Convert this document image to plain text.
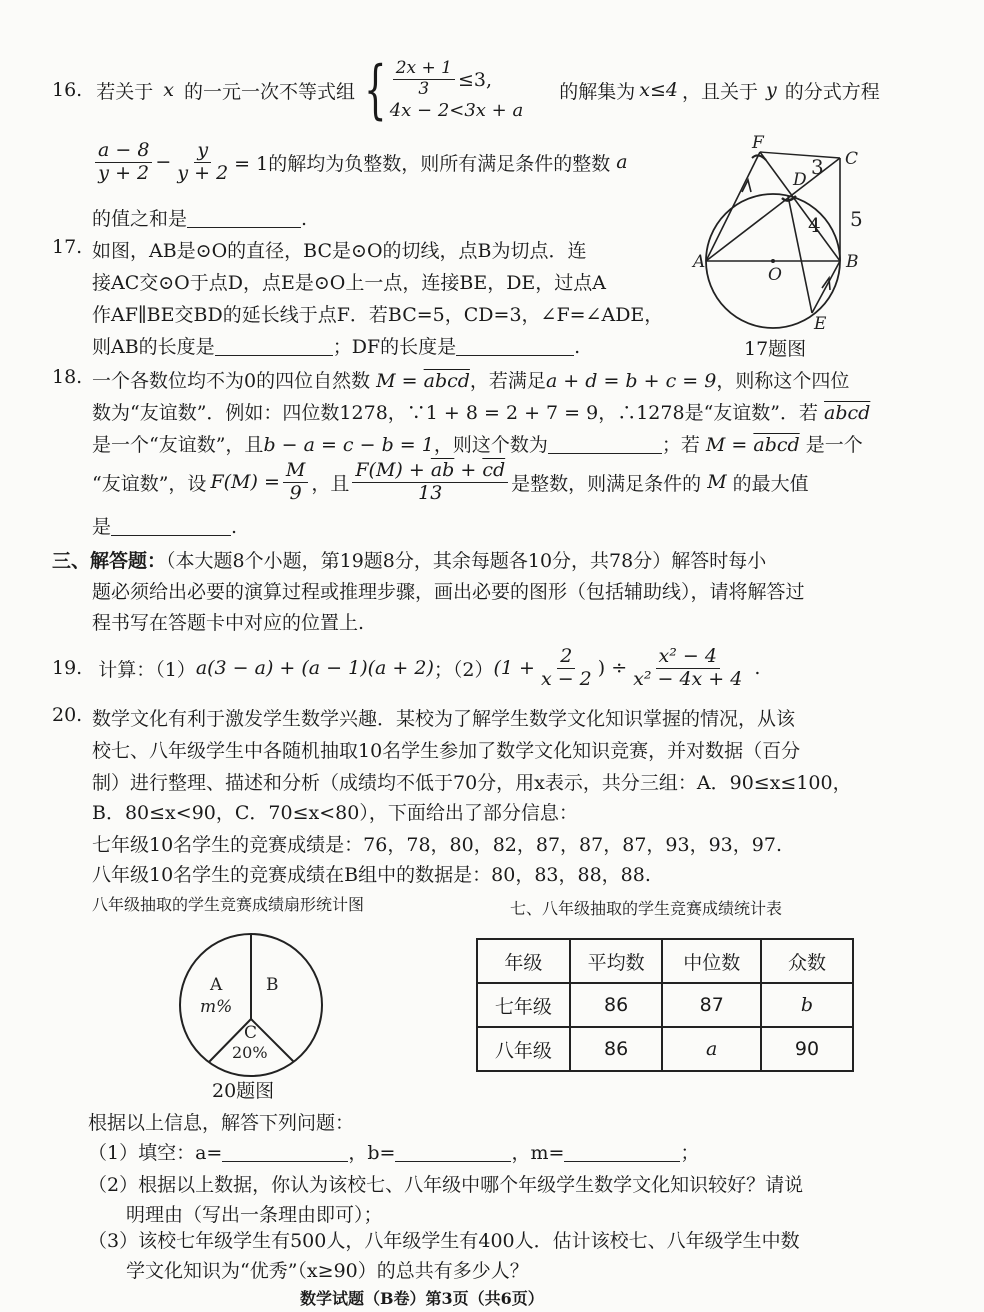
16. 若关于 x 的一元一次不等式组 { $\frac{2x + 1}{3} \le 3$,
4x − 2<3x + a
的解集为 x≤4 ，且关于 y 的分式方程
$\frac{a - 8}{y + 2} - \frac{y}{y + 2} = 1$的解均为负整数，则所有满足条件的整数 a
的值之和是	.
17. 如图，AB是⊙O的直径，BC是⊙O的切线，点B为切点．连
接AC交⊙O于点D，点E是⊙O上一点，连接BE，DE，过点A
作AF∥BE交BD的延长线于点F．若BC=5，CD=3，∠F=∠ADE，
则AB的长度是	；DF的长度是	.
F
C
D
A
O
B
E
3
4 5
17题图
18. 一个各数位均不为0的四位自然数 M = abcd，若满足a + d = b + c = 9，则称这个四位
数为“友谊数”．例如：四位数1278，∵1 + 8 = 2 + 7 = 9，∴1278是“友谊数”．若 abcd
是一个“友谊数”，且b − a = c − b = 1，则这个数为	；若 M = abcd 是一个
“友谊数”，设 $F(M) = \frac{M}{9}$ ，且 $\frac{F(M) + \overline{ab} + \overline{cd}}{13}$ 是整数，则满足条件的 M 的最大值
是	.
三、解答题：（本大题8个小题，第19题8分，其余每题各10分，共78分）解答时每小
题必须给出必要的演算过程或推理步骤，画出必要的图形（包括辅助线），请将解答过
程书写在答题卡中对应的位置上.
19. 计算：（1） a(3 − a) + (a − 1)(a + 2) ；（2） ($1 + \frac{2}{x - 2}$ ) ÷ $\frac{\text{x² − 4}}{\text{x² − 4x + 4}}$ .
20. 数学文化有利于激发学生数学兴趣．某校为了解学生数学文化知识掌握的情况，从该
校七、八年级学生中各随机抽取10名学生参加了数学文化知识竞赛，并对数据（百分
制）进行整理、描述和分析（成绩均不低于70分，用x表示，共分三组：A．90≤x≤100，
B．80≤x<90，C．70≤x<80），下面给出了部分信息：
七年级10名学生的竞赛成绩是：76，78，80，82，87，87，87，93，93，97.
八年级10名学生的竞赛成绩在B组中的数据是：80，83，88，88.
八年级抽取的学生竞赛成绩扇形统计图	七、八年级抽取的学生竞赛成绩统计表
A
m%
B
C
20%
20题图
年级	平均数	中位数	众数
七年级	86	87	b
八年级	86	a	90
根据以上信息，解答下列问题：
（1）填空：a=	，b=	，m=	；
（2）根据以上数据，你认为该校七、八年级中哪个年级学生数学文化知识较好？请说
明理由（写出一条理由即可）；
（3）该校七年级学生有500人，八年级学生有400人．估计该校七、八年级学生中数
学文化知识为“优秀”（x≥90）的总共有多少人？
数学试题（B卷）第3页（共6页）
